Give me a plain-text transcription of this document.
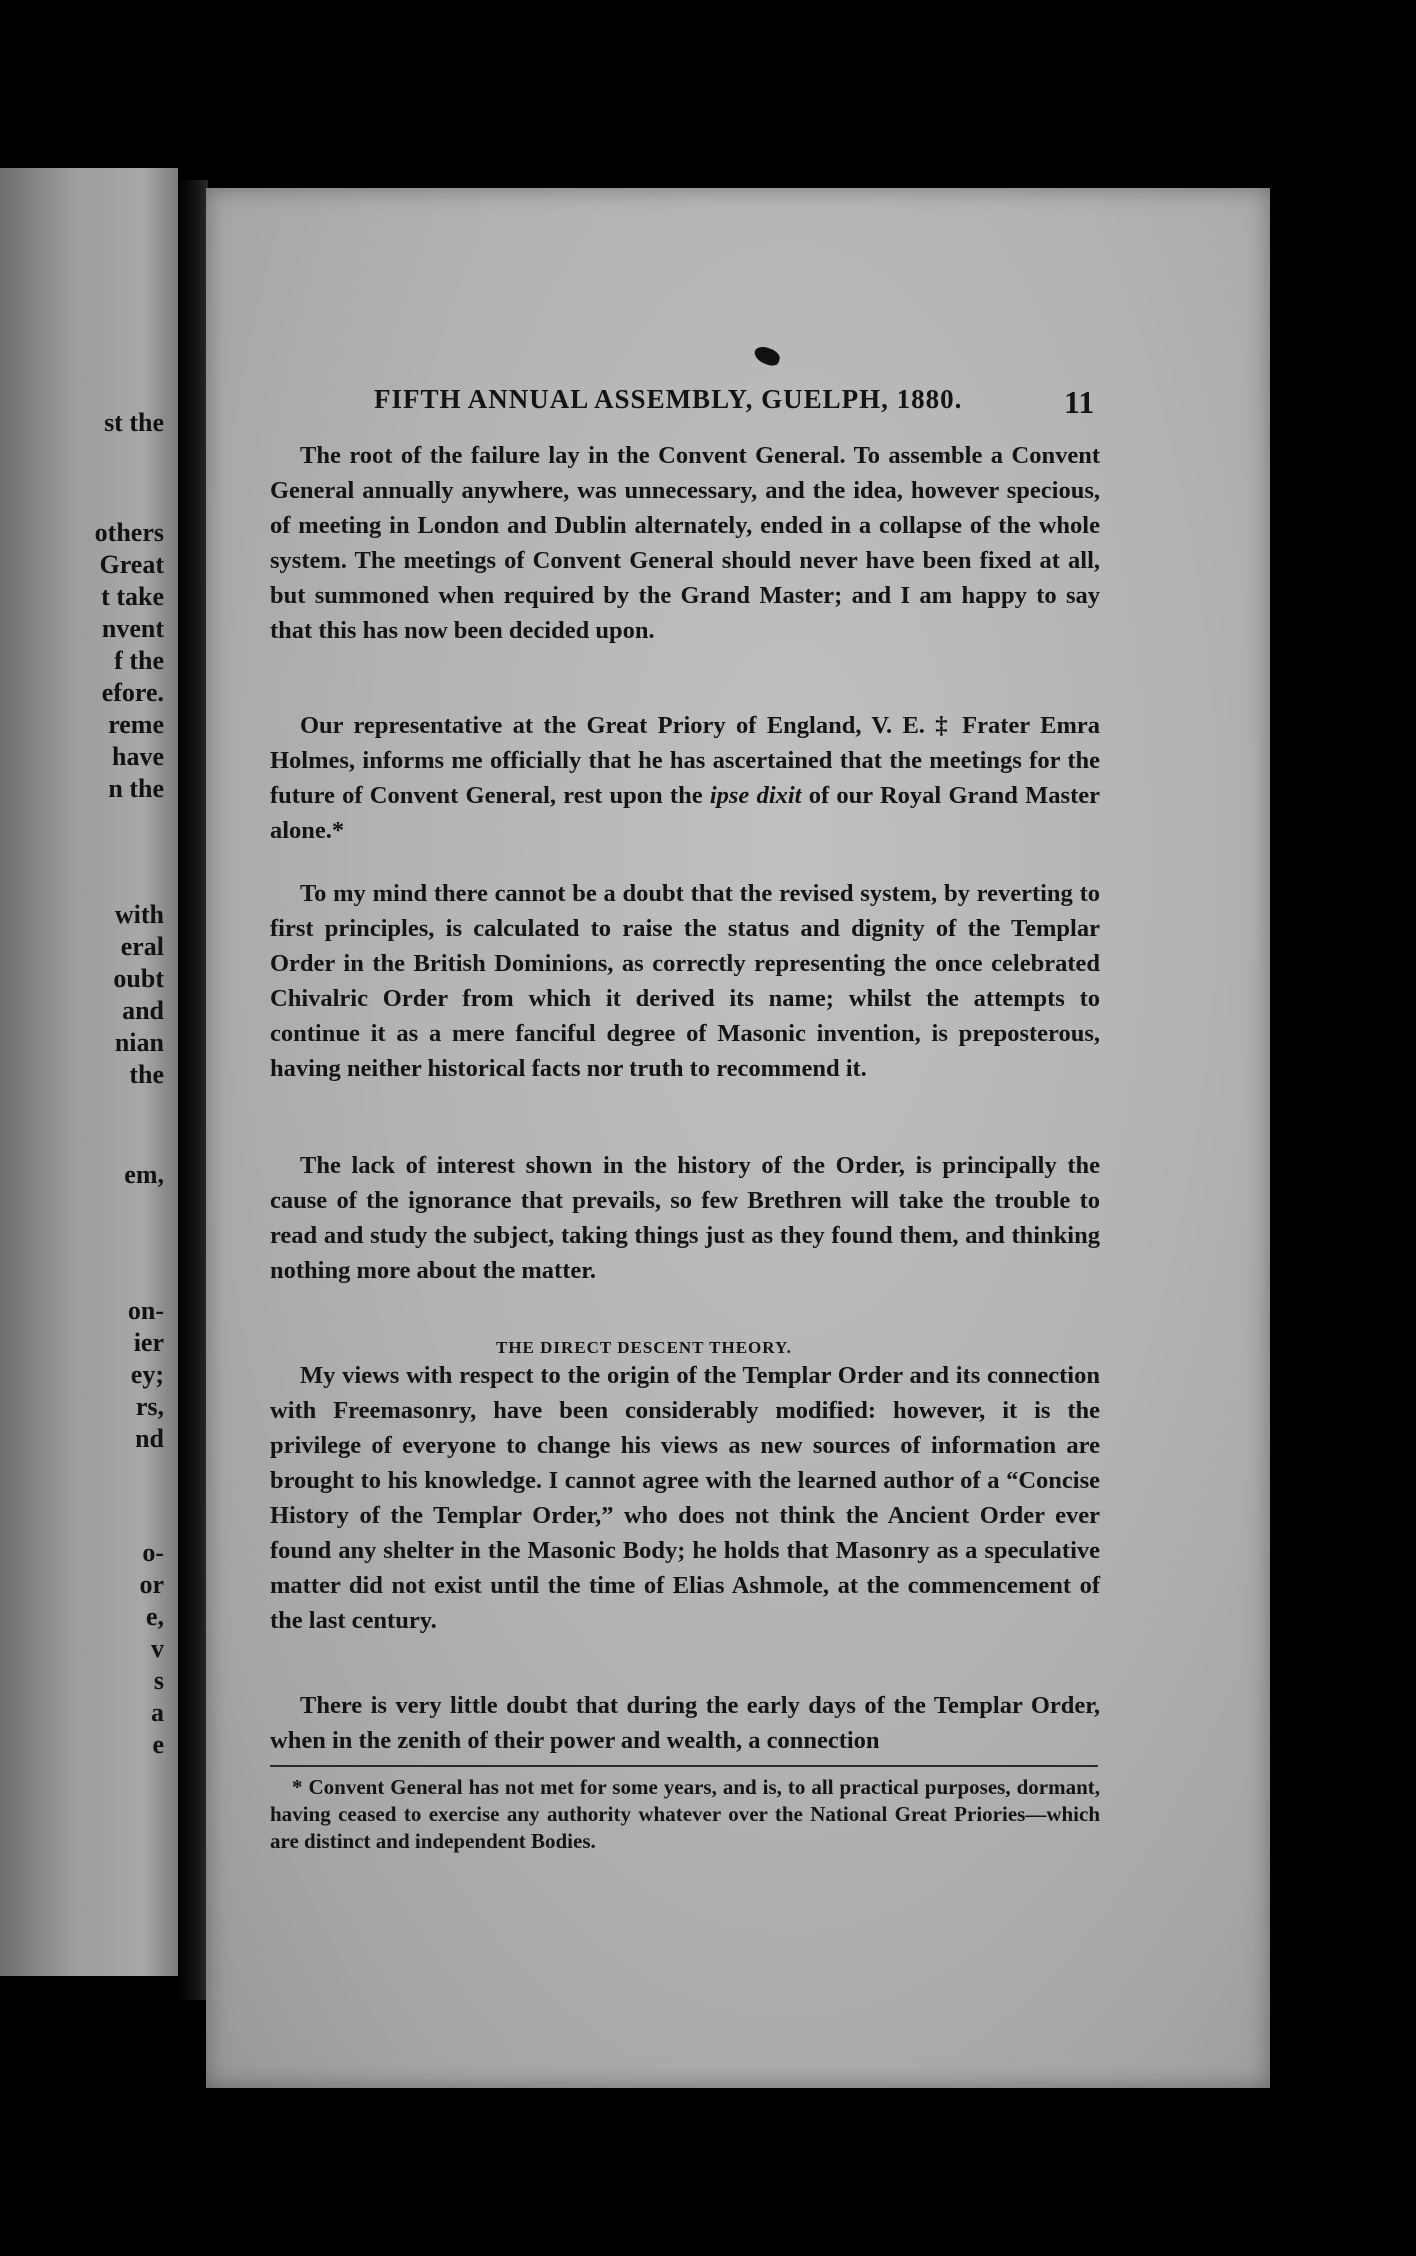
st the

others

Great

t take

nvent

f the

efore.

reme

have

n the

with

eral

oubt

and

nian

the

em,

on-

ier

ey;

rs,

nd

o-

or

e,

v

s

a

e

FIFTH ANNUAL ASSEMBLY, GUELPH, 1880.	11

The root of the failure lay in the Convent General. To assemble a Convent General annually anywhere, was unnecessary, and the idea, however specious, of meeting in London and Dublin alternately, ended in a collapse of the whole system. The meetings of Convent General should never have been fixed at all, but summoned when required by the Grand Master; and I am happy to say that this has now been decided upon.

Our representative at the Great Priory of England, V. E. ‡ Frater Emra Holmes, informs me officially that he has ascertained that the meetings for the future of Convent General, rest upon the ipse dixit of our Royal Grand Master alone.*

To my mind there cannot be a doubt that the revised system, by reverting to first principles, is calculated to raise the status and dignity of the Templar Order in the British Dominions, as correctly representing the once celebrated Chivalric Order from which it derived its name; whilst the attempts to continue it as a mere fanciful degree of Masonic invention, is preposterous, having neither historical facts nor truth to recommend it.

The lack of interest shown in the history of the Order, is principally the cause of the ignorance that prevails, so few Brethren will take the trouble to read and study the subject, taking things just as they found them, and thinking nothing more about the matter.

THE DIRECT DESCENT THEORY.

My views with respect to the origin of the Templar Order and its connection with Freemasonry, have been considerably modified: however, it is the privilege of everyone to change his views as new sources of information are brought to his knowledge. I cannot agree with the learned author of a “Concise History of the Templar Order,” who does not think the Ancient Order ever found any shelter in the Masonic Body; he holds that Masonry as a speculative matter did not exist until the time of Elias Ashmole, at the commencement of the last century.

There is very little doubt that during the early days of the Templar Order, when in the zenith of their power and wealth, a connection

* Convent General has not met for some years, and is, to all practical purposes, dormant, having ceased to exercise any authority whatever over the National Great Priories—which are distinct and independent Bodies.
